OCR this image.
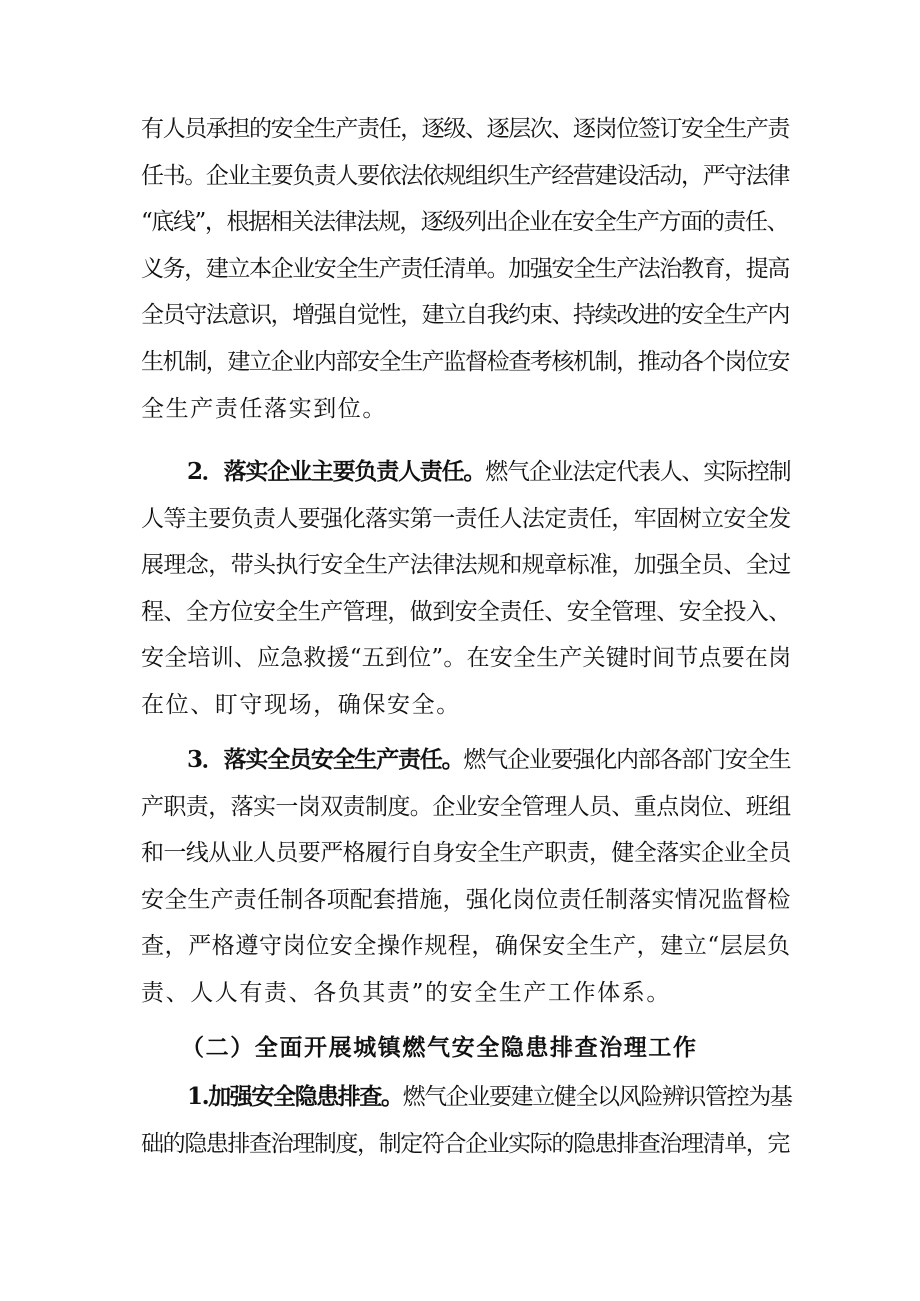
有人员承担的安全生产责任，逐级、逐层次、逐岗位签订安全生产责
任书。企业主要负责人要依法依规组织生产经营建设活动，严守法律
“底线”，根据相关法律法规，逐级列出企业在安全生产方面的责任、
义务，建立本企业安全生产责任清单。加强安全生产法治教育，提高
全员守法意识，增强自觉性，建立自我约束、持续改进的安全生产内
生机制，建立企业内部安全生产监督检查考核机制，推动各个岗位安
全生产责任落实到位。
2．落实企业主要负责人责任。燃气企业法定代表人、实际控制
人等主要负责人要强化落实第一责任人法定责任，牢固树立安全发
展理念，带头执行安全生产法律法规和规章标准，加强全员、全过
程、全方位安全生产管理，做到安全责任、安全管理、安全投入、
安全培训、应急救援“五到位”。在安全生产关键时间节点要在岗
在位、盯守现场，确保安全。
3．落实全员安全生产责任。燃气企业要强化内部各部门安全生
产职责，落实一岗双责制度。企业安全管理人员、重点岗位、班组
和一线从业人员要严格履行自身安全生产职责，健全落实企业全员
安全生产责任制各项配套措施，强化岗位责任制落实情况监督检
查，严格遵守岗位安全操作规程，确保安全生产，建立“层层负
责、人人有责、各负其责”的安全生产工作体系。
（二）全面开展城镇燃气安全隐患排查治理工作
1.加强安全隐患排查。燃气企业要建立健全以风险辨识管控为基
础的隐患排查治理制度，制定符合企业实际的隐患排查治理清单，完
